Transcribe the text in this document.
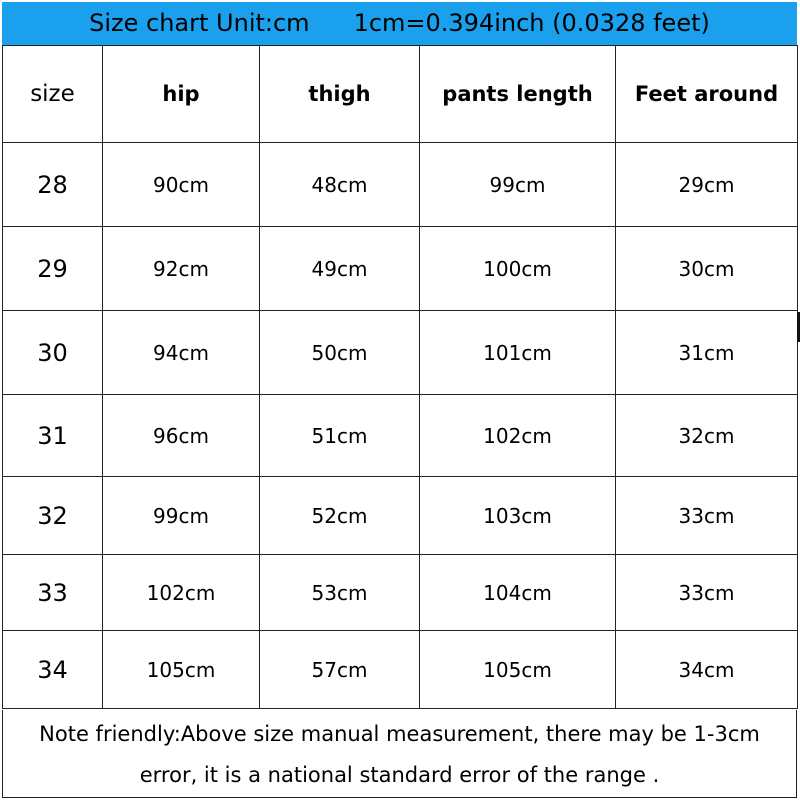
Size chart Unit:cm 1cm=0.394inch (0.0328 feet)
size	hip	thigh	pants length	Feet around
28	90cm	48cm	99cm	29cm
29	92cm	49cm	100cm	30cm
30	94cm	50cm	101cm	31cm
31	96cm	51cm	102cm	32cm
32	99cm	52cm	103cm	33cm
33	102cm	53cm	104cm	33cm
34	105cm	57cm	105cm	34cm
Note friendly:Above size manual measurement, there may be 1-3cm
error, it is a national standard error of the range .
